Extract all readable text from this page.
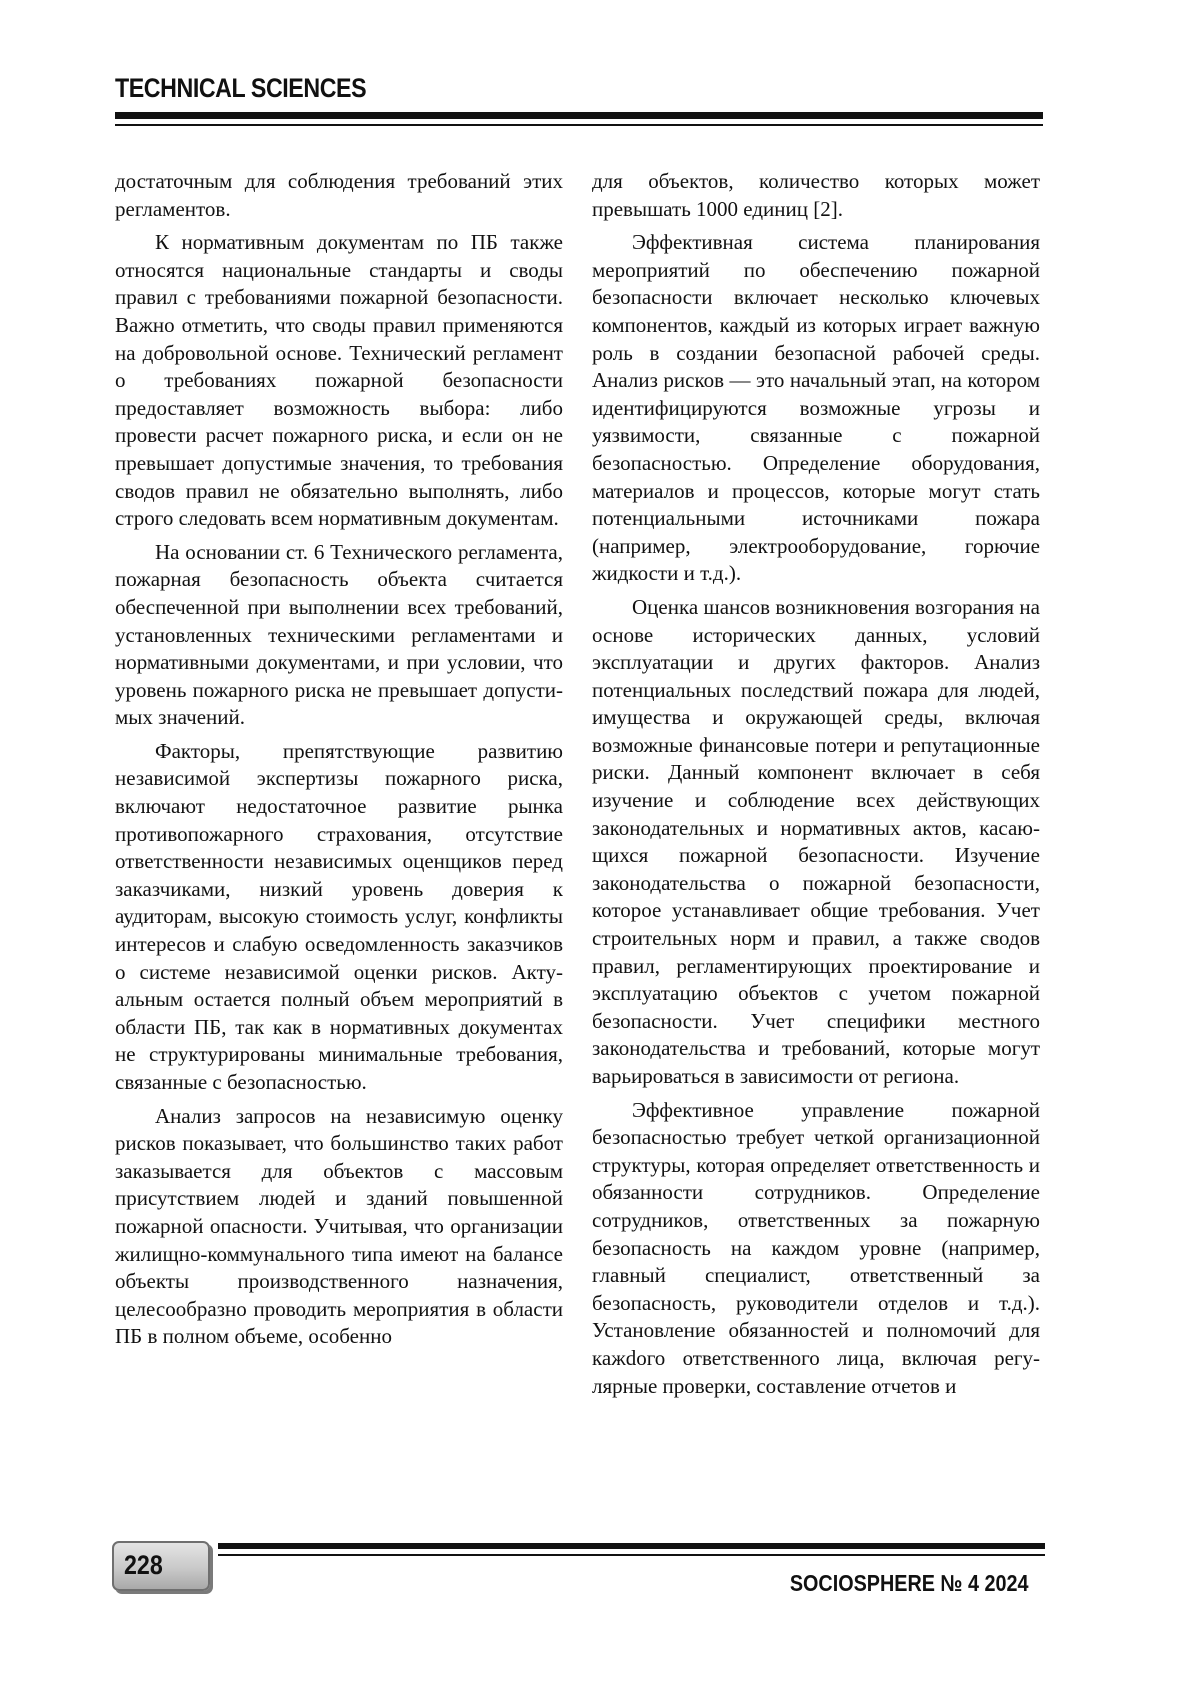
TECHNICAL SCIENCES

достаточным для соблюдения требований этих регламентов.

К нормативным документам по ПБ также относятся национальные стандарты и своды правил с требованиями пожарной безопасности. Важно отметить, что своды правил применяются на добровольной основе. Технический регламент о требованиях пожарной безопасности предоставляет возможность выбора: либо провести расчет пожарного риска, и если он не превышает допустимые значения, то требования сводов правил не обязательно выполнять, либо строго следовать всем нормативным документам.

На основании ст. 6 Технического регламента, пожарная безопасность объекта считается обеспеченной при выполнении всех требований, установленных техническими регламентами и нормативными документами, и при условии, что уровень пожарного риска не превышает допустимых значений.

Факторы, препятствующие развитию независимой экспертизы пожарного риска, включают недостаточное развитие рынка противопожарного страхования, отсутствие ответственности независимых оценщиков перед заказчиками, низкий уровень доверия к аудиторам, высокую стоимость услуг, конфликты интересов и слабую осведомленность заказчиков о системе независимой оценки рисков. Актуальным остается полный объем мероприятий в области ПБ, так как в нормативных документах не структурированы минимальные требования, связанные с безопасностью.

Анализ запросов на независимую оценку рисков показывает, что большинство таких работ заказывается для объектов с массовым присутствием людей и зданий повышенной пожарной опасности. Учитывая, что организации жилищно-коммунального типа имеют на балансе объекты производственного назначения, целесообразно проводить мероприятия в области ПБ в полном объеме, особенно

для объектов, количество которых может превышать 1000 единиц [2].

Эффективная система планирования мероприятий по обеспечению пожарной безопасности включает несколько ключевых компонентов, каждый из которых играет важную роль в создании безопасной рабочей среды. Анализ рисков — это начальный этап, на котором идентифицируются возможные угрозы и уязвимости, связанные с пожарной безопасностью. Определение оборудования, материалов и процессов, которые могут стать потенциальными источниками пожара (например, электрооборудование, горючие жидкости и т.д.).

Оценка шансов возникновения возгорания на основе исторических данных, условий эксплуатации и других факторов. Анализ потенциальных последствий пожара для людей, имущества и окружающей среды, включая возможные финансовые потери и репутационные риски. Данный компонент включает в себя изучение и соблюдение всех действующих законодательных и нормативных актов, касающихся пожарной безопасности. Изучение законодательства о пожарной безопасности, которое устанавливает общие требования. Учет строительных норм и правил, а также сводов правил, регламентирующих проектирование и эксплуатацию объектов с учетом пожарной безопасности. Учет специфики местного законодательства и требований, которые могут варьироваться в зависимости от региона.

Эффективное управление пожарной безопасностью требует четкой организационной структуры, которая определяет ответственность и обязанности сотрудников. Определение сотрудников, ответственных за пожарную безопасность на каждом уровне (например, главный специалист, ответственный за безопасность, руководители отделов и т.д.). Установление обязанностей и полномочий для кажdого ответственного лица, включая регулярные проверки, составление отчетов и

228
SOCIOSPHERE № 4 2024
